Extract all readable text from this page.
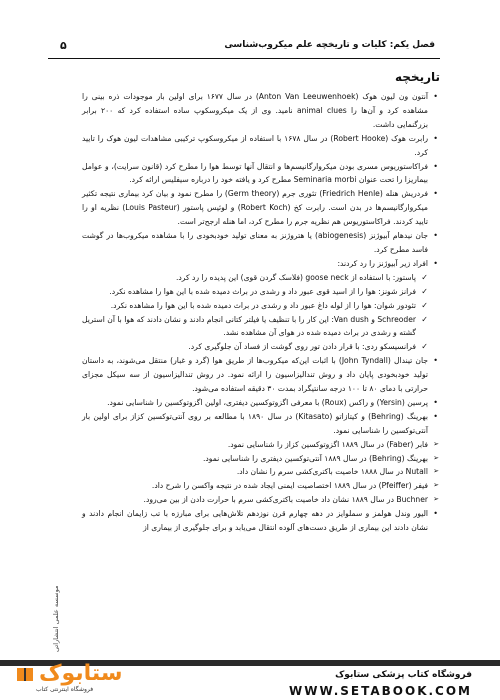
فصل یکم: کلیات و تاریخچه علم میکروب‌شناسی
۵
تاریخچه
• آنتون ون لیون هوک (Anton Van Leeuwenhoek) در سال ۱۶۷۷ برای اولین بار موجودات ذره بینی را مشاهده کرد و آن‌ها را animal clues نامید. وی از یک میکروسکوپ ساده استفاده کرد که ۲۰۰ برابر بزرگنمایی داشت.
• رابرت هوک (Robert Hooke) در سال ۱۶۷۸ با استفاده از میکروسکوپ ترکیبی مشاهدات لیون هوک را تایید کرد.
• فراکاستوریوس مسری بودن میکروارگانیسم‌ها و انتقال آنها توسط هوا را مطرح کرد (قانون سرایت)، و عوامل بیماریزا را تحت عنوان Seminaria morbi مطرح کرد و یافته خود را درباره سیفلیس ارائه کرد.
• فردریش هنله (Friedrich Henle) تئوری جرم (Germ theory) را مطرح نمود و بیان کرد بیماری نتیجه تکثیر میکروارگانیسم‌ها در بدن است. رابرت کخ (Robert Koch) و لوئیس پاستور (Louis Pasteur) نظریه او را تایید کردند. فراکاستوریوس هم نظریه جرم را مطرح کرد، اما هنله ارجح‌تر است.
• جان نیدهام آبیوژنز (abiogenesis) یا هتروژنز به معنای تولید خودبخودی را با مشاهده میکروب‌ها در گوشت فاسد مطرح کرد.
• افراد زیر آبیوژنز را رد کردند:
✓ پاستور: با استفاده از goose neck (فلاسک گردن قوی) این پدیده را رد کرد.
✓ فرانز شونز: هوا را از اسید قوی عبور داد و رشدی در براث دمیده شده با این هوا را مشاهده نکرد.
✓ تئودور شوان: هوا را از لوله داغ عبور داد و رشدی در براث دمیده شده با این هوا را مشاهده نکرد.
✓ Schreoder و Van dush: این کار را با تنظیف یا فیلتر کتانی انجام دادند و نشان دادند که هوا با آن استریل گشته و رشدی در براث دمیده شده در هوای آن مشاهده نشد.
✓ فرانسیسکو ردی: با قرار دادن تور روی گوشت از فساد آن جلوگیری کرد.
• جان تیندال (John Tyndall) با اثبات این‌که میکروب‌ها از طریق هوا (گرد و غبار) منتقل می‌شوند، به داستان تولید خودبخودی پایان داد و روش تندالیزاسیون را ارائه نمود. در روش تندالیزاسیون از سه سیکل مجزای حرارتی با دمای ۸۰ تا ۱۰۰ درجه سانتیگراد بمدت ۳۰ دقیقه استفاده می‌شود.
• پرسین (Yersin) و راکس (Roux) با معرفی اگزوتوکسین دیفتری، اولین اگزوتوکسین را شناسایی نمود.
• بهرینگ (Behring) و کیتازاتو (Kitasato) در سال ۱۸۹۰ با مطالعه بر روی آنتی‌توکسین کزاز برای اولین بار آنتی‌توکسین را شناسایی نمود.
➢ فابر (Faber) در سال ۱۸۸۹ اگزوتوکسین کزاز را شناسایی نمود.
➢ بهرینگ (Behring) در سال ۱۸۸۹ آنتی‌توکسین دیفتری را شناسایی نمود.
➢ Nutall در سال ۱۸۸۸ خاصیت باکتری‌کشی سرم را نشان داد.
➢ فیفر (Pfeiffer) در سال ۱۸۸۹ اختصاصیت ایمنی ایجاد شده در نتیجه واکسن را شرح داد.
➢ Buchner در سال ۱۸۸۹ نشان داد خاصیت باکتری‌کشی سرم با حرارت دادن از بین می‌رود.
• الیور وندل هولمز و سملوایز در دهه چهارم قرن نوزدهم تلاش‌هایی برای مبارزه با تب زایمان انجام دادند و نشان دادند این بیماری از طریق دست‌های آلوده انتقال می‌یابد و برای جلوگیری از بیماری از
موسسه علمی انتشاراتی
ستابوک
فروشگاه اینترنتی کتاب
فروشگاه کتاب پزشکی ستابوک
WWW.SETABOOK.COM
